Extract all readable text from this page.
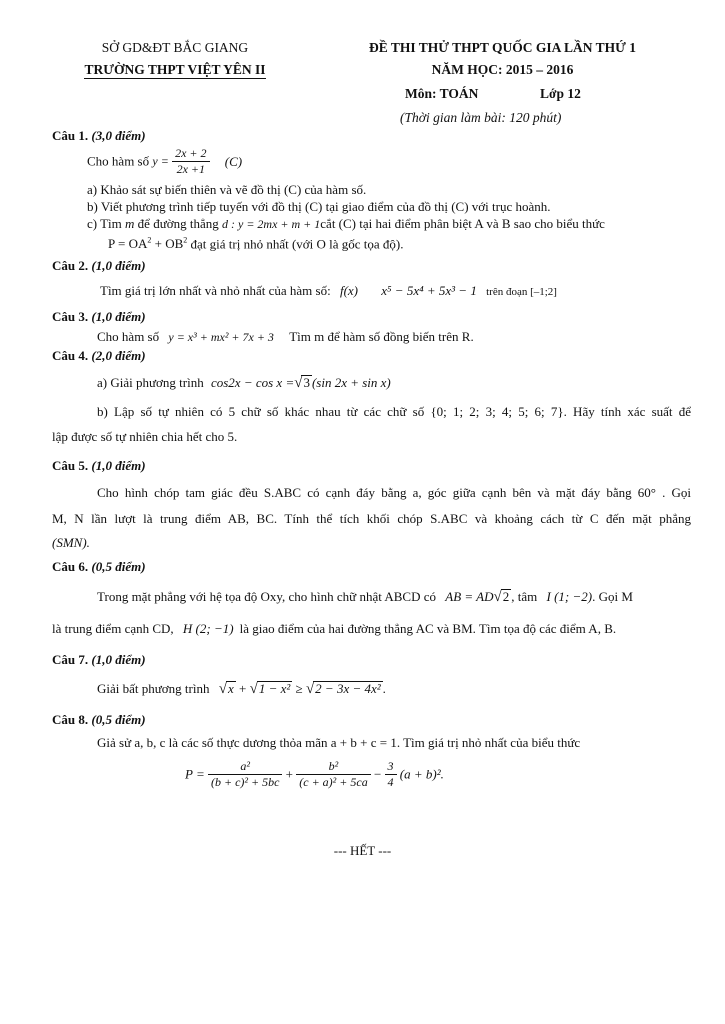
SỞ GD&ĐT BẮC GIANG
TRƯỜNG THPT VIỆT YÊN II
ĐỀ THI THỬ THPT QUỐC GIA LẦN THỨ 1
NĂM HỌC: 2015 – 2016
Môn: TOÁN	Lớp 12
(Thời gian làm bài: 120 phút)
Câu 1. (3,0 điểm)
Cho hàm số $y = \frac{2x + 2}{2x +1} (C)$
a) Khảo sát sự biến thiên và vẽ đồ thị (C) của hàm số.
b) Viết phương trình tiếp tuyến với đồ thị (C) tại giao điểm của đồ thị (C) với trục hoành.
c) Tìm m để đường thẳng d : y = 2mx + m + 1cắt (C) tại hai điểm phân biệt A và B sao cho biểu thức
$P = OA^2 + OB^2$ đạt giá trị nhỏ nhất (với O là gốc tọa độ).
Câu 2. (1,0 điểm)
Tìm giá trị lớn nhất và nhỏ nhất của hàm số: f(x) x⁵ − 5x⁴ + 5x³ − 1 trên đoạn [–1;2]
Câu 3. (1,0 điểm)
Cho hàm số y = x³ + mx² + 7x + 3 Tìm m để hàm số đồng biến trên R.
Câu 4. (2,0 điểm)
a) Giải phương trình cos2x − cos x =√3 (sin 2x + sin x)
b) Lập số tự nhiên có 5 chữ số khác nhau từ các chữ số {0; 1; 2; 3; 4; 5; 6; 7}. Hãy tính xác suất để
lập được số tự nhiên chia hết cho 5.
Câu 5. (1,0 điểm)
Cho hình chóp tam giác đều S.ABC có cạnh đáy bằng a, góc giữa cạnh bên và mặt đáy bằng 60° . Gọi
M, N lần lượt là trung điểm AB, BC. Tính thể tích khối chóp S.ABC và khoảng cách từ C đến mặt phẳng
(SMN).
Câu 6. (0,5 điểm)
Trong mặt phẳng với hệ tọa độ Oxy, cho hình chữ nhật ABCD có AB = AD√2 , tâm I (1; −2). Gọi M
là trung điểm cạnh CD, H (2; −1) là giao điểm của hai đường thẳng AC và BM. Tìm tọa độ các điểm A, B.
Câu 7. (1,0 điểm)
Giải bất phương trình √x + √1 − x² ≥ √2 − 3x − 4x² .
Câu 8. (0,5 điểm)
Giả sử a, b, c là các số thực dương thỏa mãn a + b + c = 1. Tìm giá trị nhỏ nhất của biểu thức
$P = \frac{\text{a²}}{\text{(b + c)² + 5bc}} + \frac{\text{b²}}{\text{(c + a)² + 5ca}} - \frac{3}{4} (a + b)^2$.
--- HẾT ---
